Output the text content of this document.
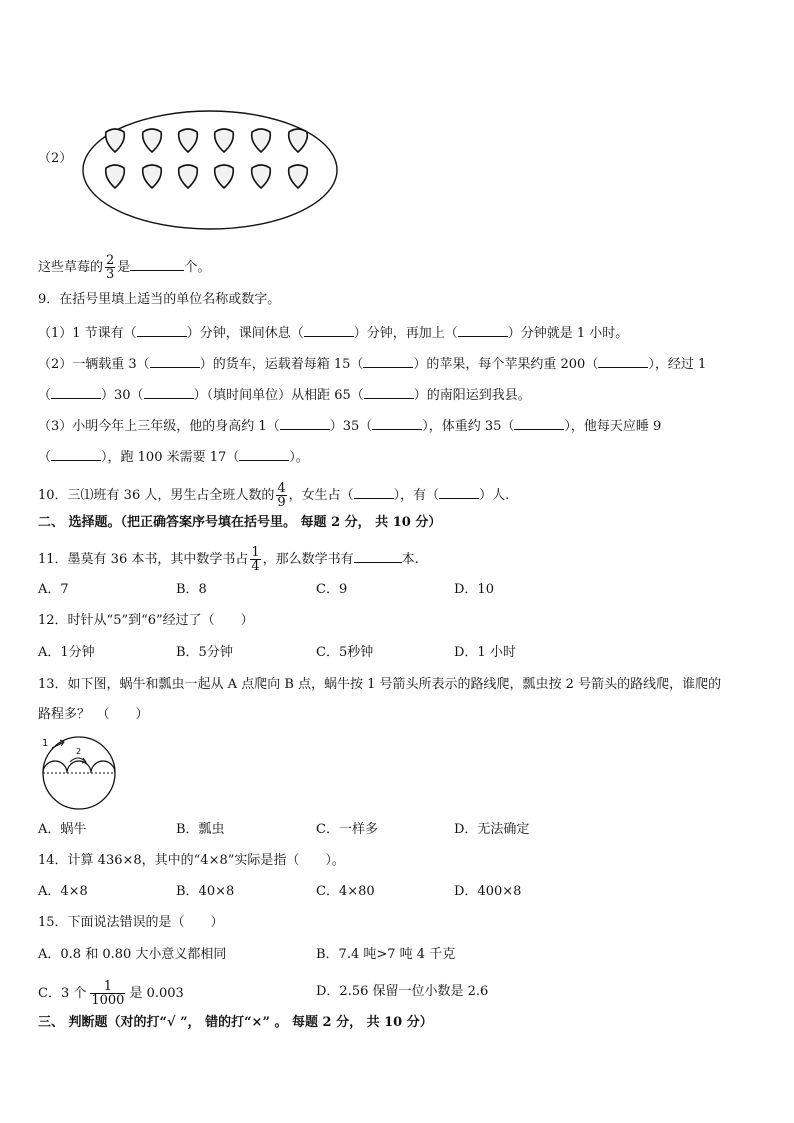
（2）
这些草莓的 $\frac{2}{3}$ 是	个。
9．在括号里填上适当的单位名称或数字。
（1）1 节课有（	）分钟，课间休息（	）分钟，再加上（	）分钟就是 1 小时。
（2）一辆载重 3（	）的货车，运载着每箱 15（	）的苹果，每个苹果约重 200（	），经过 1
（	）30（	）（填时间单位）从相距 65（	）的南阳运到我县。
（3）小明今年上三年级，他的身高约 1（	）35（	），体重约 35（	），他每天应睡 9
（	），跑 100 米需要 17（	）。
10．三⑴班有 36 人，男生占全班人数的 $\frac{4}{9}$ ，女生占（	），有（	）人.
二、 选择题。（把正确答案序号填在括号里。 每题 2 分， 共 10 分）
11．墨莫有 36 本书，其中数学书占 $\frac{1}{4}$ ，那么数学书有	本.
A．7	B．8	C．9	D．10
12．时针从“5”到“6”经过了（　　）
A．1分钟	B．5分钟	C．5秒钟	D．1 小时
13．如下图，蜗牛和瓢虫一起从 A 点爬向 B 点，蜗牛按 1 号箭头所表示的路线爬，瓢虫按 2 号箭头的路线爬，谁爬的
路程多？　（　　）
1
2
A．蜗牛	B．瓢虫	C．一样多	D．无法确定
14．计算 436×8，其中的“4×8”实际是指（　　）。
A．4×8	B．40×8	C．4×80	D．400×8
15．下面说法错误的是（　　）
A．0.8 和 0.80 大小意义都相同	B．7.4 吨>7 吨 4 千克
C．3 个 $\frac{1}{1000}$ 是 0.003	D．2.56 保留一位小数是 2.6
三、 判断题（对的打“√ ”， 错的打“×” 。 每题 2 分， 共 10 分）
